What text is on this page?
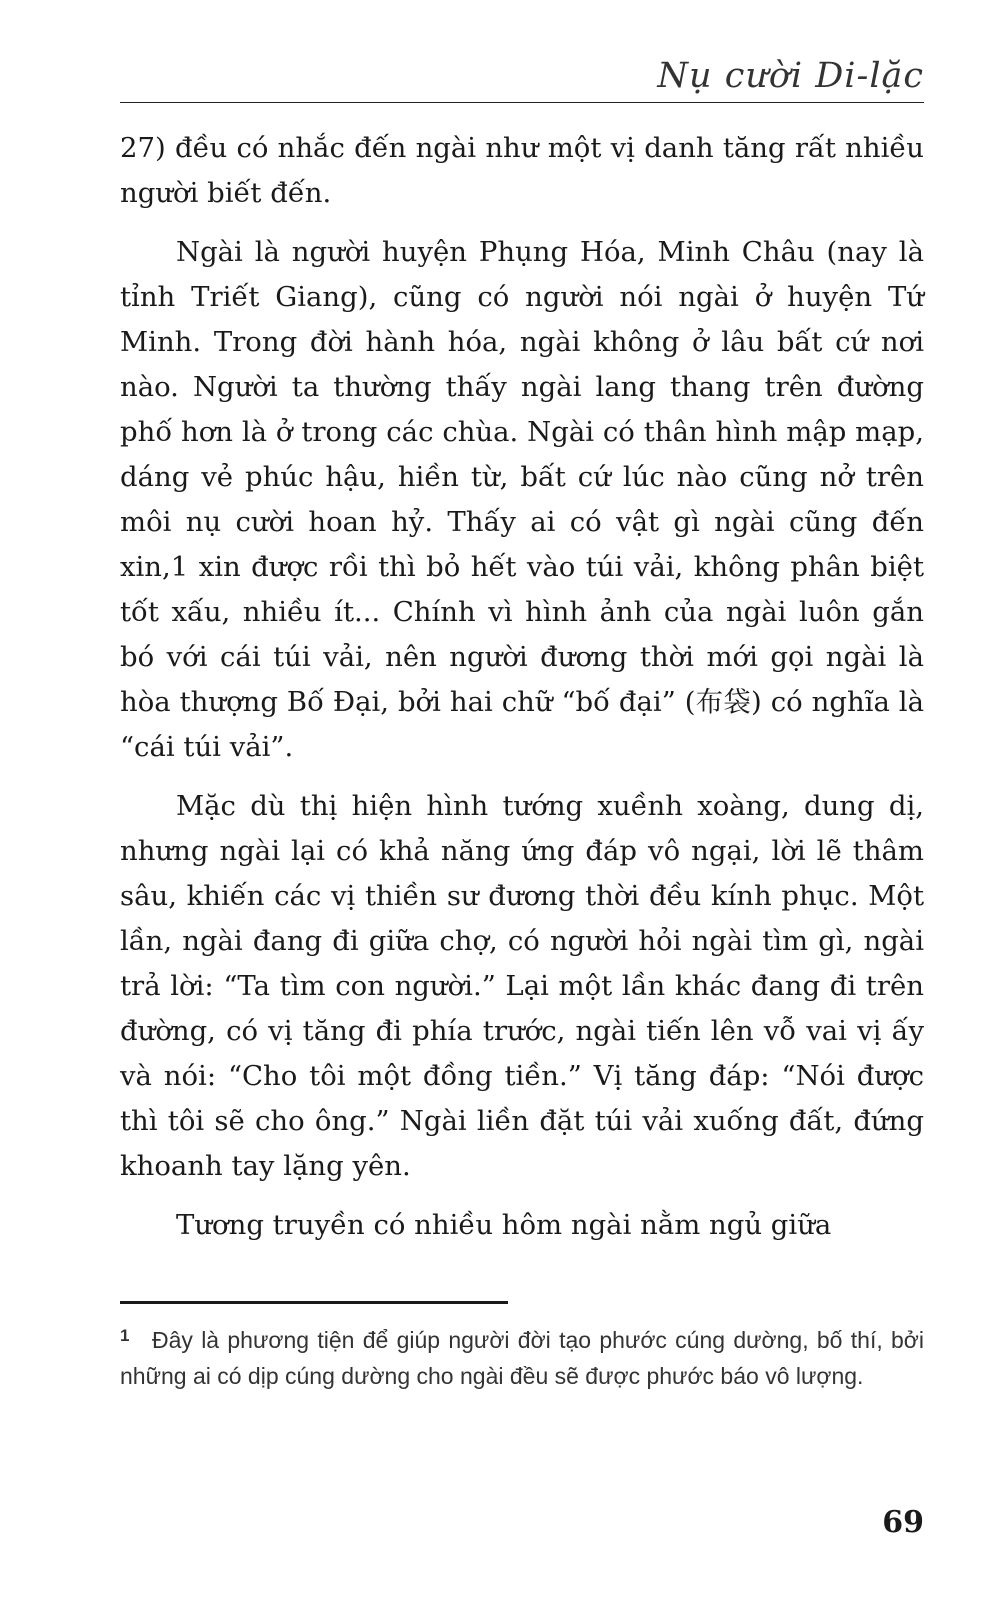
Nụ cười Di-lặc

27) đều có nhắc đến ngài như một vị danh tăng rất nhiều người biết đến.

Ngài là người huyện Phụng Hóa, Minh Châu (nay là tỉnh Triết Giang), cũng có người nói ngài ở huyện Tứ Minh. Trong đời hành hóa, ngài không ở lâu bất cứ nơi nào. Người ta thường thấy ngài lang thang trên đường phố hơn là ở trong các chùa. Ngài có thân hình mập mạp, dáng vẻ phúc hậu, hiền từ, bất cứ lúc nào cũng nở trên môi nụ cười hoan hỷ. Thấy ai có vật gì ngài cũng đến xin,1 xin được rồi thì bỏ hết vào túi vải, không phân biệt tốt xấu, nhiều ít... Chính vì hình ảnh của ngài luôn gắn bó với cái túi vải, nên người đương thời mới gọi ngài là hòa thượng Bố Đại, bởi hai chữ “bố đại” (布袋) có nghĩa là “cái túi vải”.

Mặc dù thị hiện hình tướng xuềnh xoàng, dung dị, nhưng ngài lại có khả năng ứng đáp vô ngại, lời lẽ thâm sâu, khiến các vị thiền sư đương thời đều kính phục. Một lần, ngài đang đi giữa chợ, có người hỏi ngài tìm gì, ngài trả lời: “Ta tìm con người.” Lại một lần khác đang đi trên đường, có vị tăng đi phía trước, ngài tiến lên vỗ vai vị ấy và nói: “Cho tôi một đồng tiền.” Vị tăng đáp: “Nói được thì tôi sẽ cho ông.” Ngài liền đặt túi vải xuống đất, đứng khoanh tay lặng yên.

Tương truyền có nhiều hôm ngài nằm ngủ giữa

1 Đây là phương tiện để giúp người đời tạo phước cúng dường, bố thí, bởi những ai có dịp cúng dường cho ngài đều sẽ được phước báo vô lượng.
69
